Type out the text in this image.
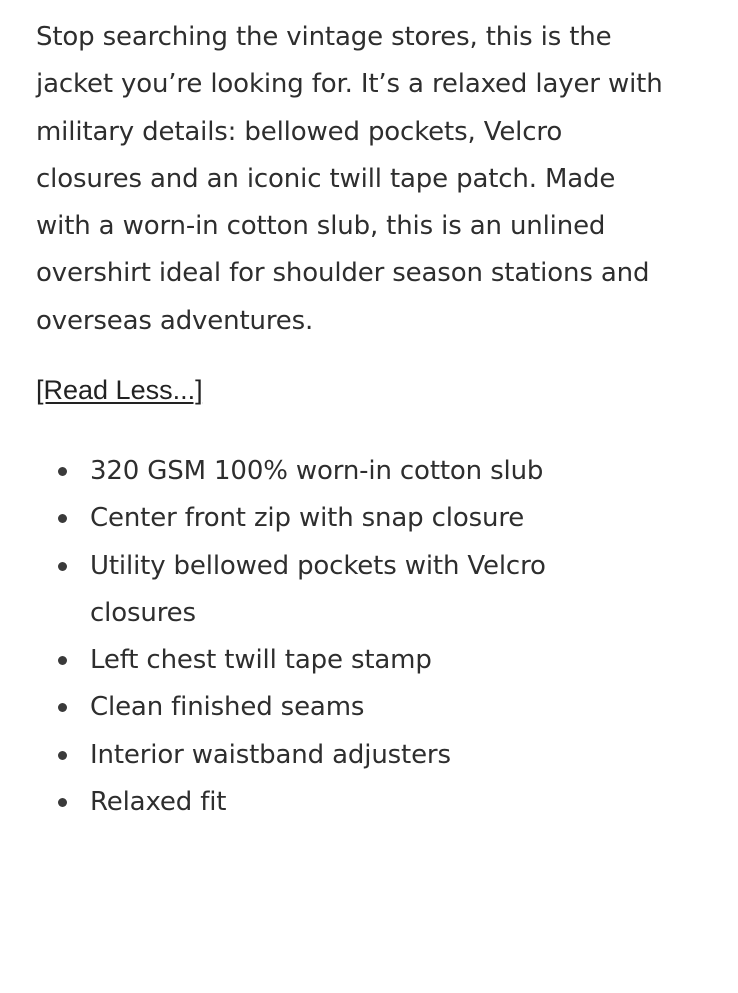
Stop searching the vintage stores, this is the
jacket you’re looking for. It’s a relaxed layer with
military details: bellowed pockets, Velcro
closures and an iconic twill tape patch. Made
with a worn-in cotton slub, this is an unlined
overshirt ideal for shoulder season stations and
overseas adventures.

[Read Less...]
320 GSM 100% worn-in cotton slub
Center front zip with snap closure
Utility bellowed pockets with Velcro closures
Left chest twill tape stamp
Clean finished seams
Interior waistband adjusters
Relaxed fit
